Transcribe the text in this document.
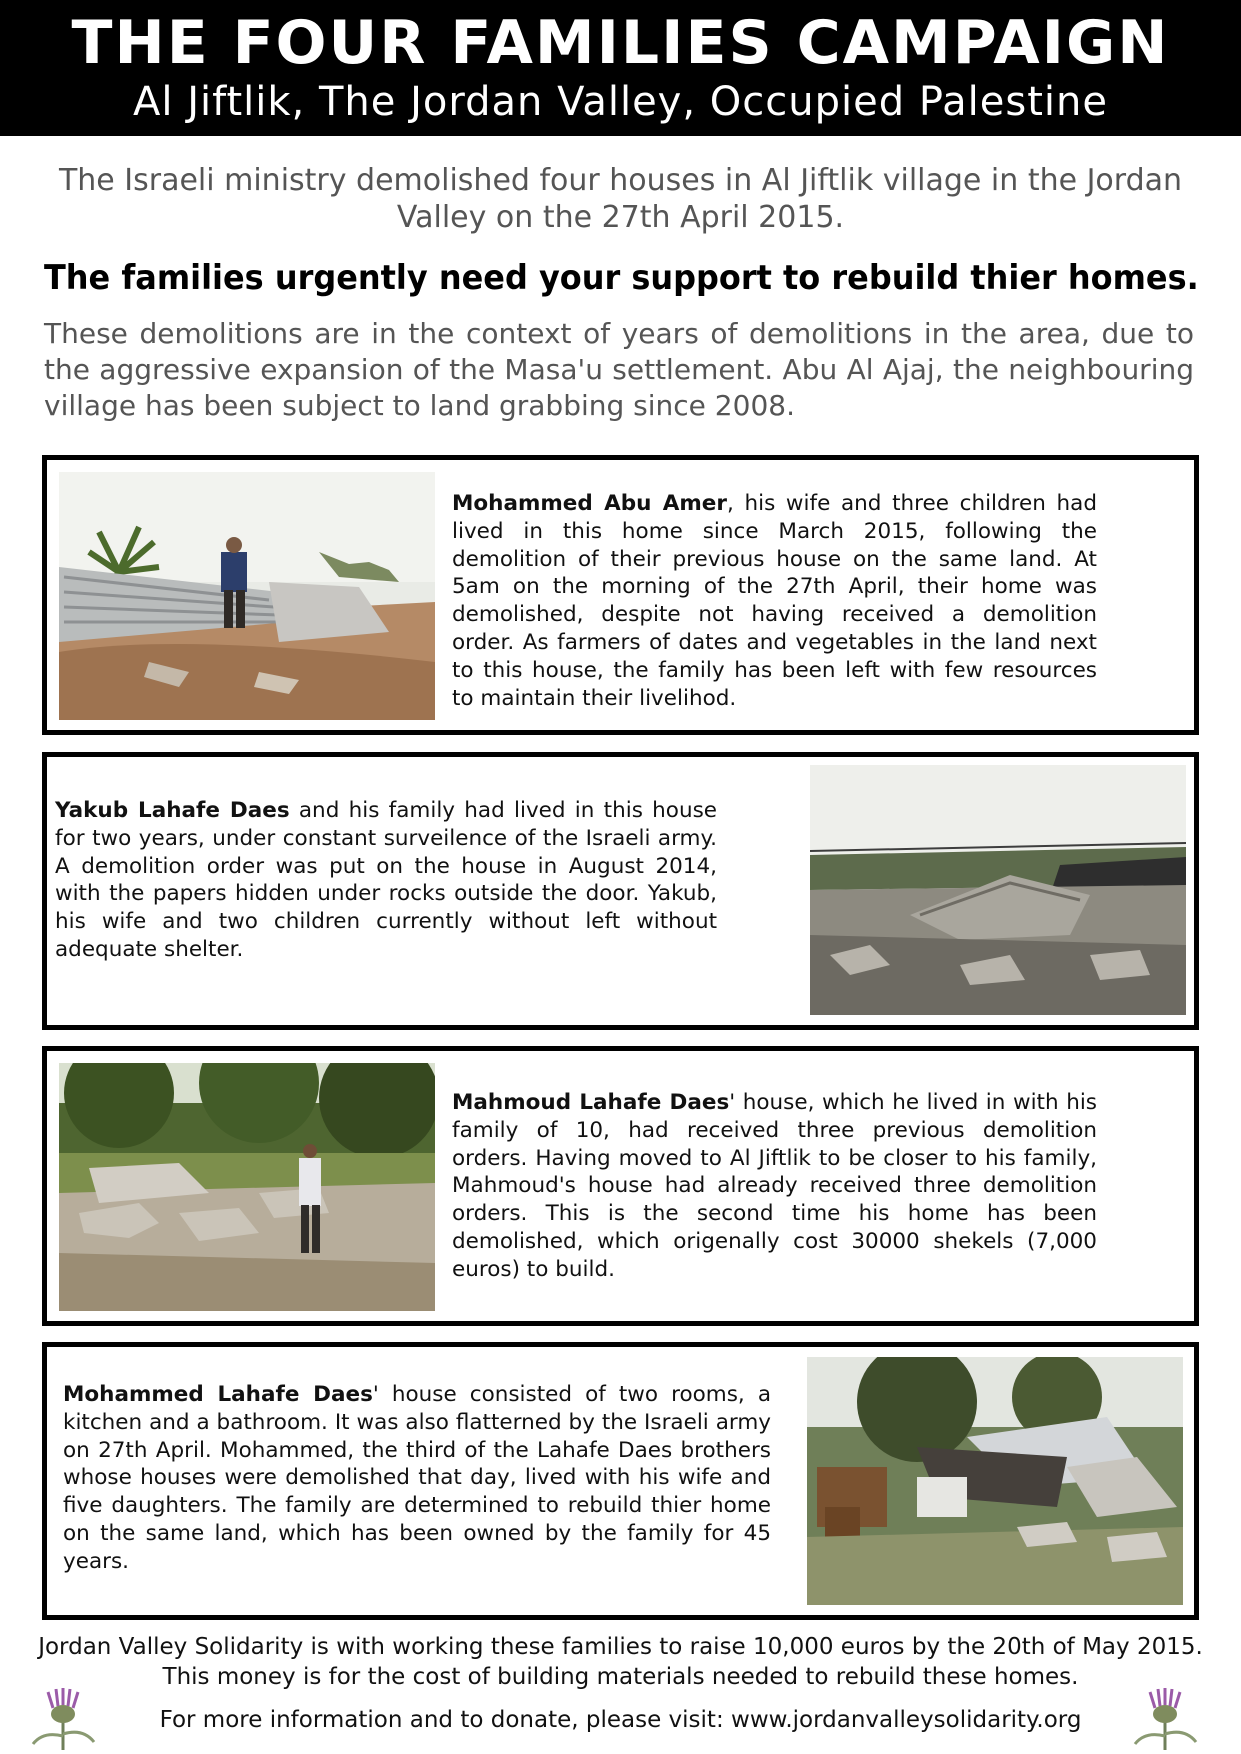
THE FOUR FAMILIES CAMPAIGN
Al Jiftlik, The Jordan Valley, Occupied Palestine
The Israeli ministry demolished four houses in Al Jiftlik village in the Jordan Valley on the 27th April 2015.
The families urgently need your support to rebuild thier homes.
These demolitions are in the context of years of demolitions in the area, due to the aggressive expansion of the Masa'u settlement. Abu Al Ajaj, the neighbouring village has been subject to land grabbing since 2008.
Mohammed Abu Amer, his wife and three children had lived in this home since March 2015, following the demolition of their previous house on the same land. At 5am on the morning of the 27th April, their home was demolished, despite not having received a demolition order. As farmers of dates and vegetables in the land next to this house, the family has been left with few resources to maintain their livelihod.
Yakub Lahafe Daes and his family had lived in this house for two years, under constant surveilence of the Israeli army. A demolition order was put on the house in August 2014, with the papers hidden under rocks outside the door. Yakub, his wife and two children currently without left without adequate shelter.
Mahmoud Lahafe Daes' house, which he lived in with his family of 10, had received three previous demolition orders. Having moved to Al Jiftlik to be closer to his family, Mahmoud's house had already received three demolition orders. This is the second time his home has been demolished, which origenally cost 30000 shekels (7,000 euros) to build.
Mohammed Lahafe Daes' house consisted of two rooms, a kitchen and a bathroom. It was also flatterned by the Israeli army on 27th April. Mohammed, the third of the Lahafe Daes brothers whose houses were demolished that day, lived with his wife and five daughters. The family are determined to rebuild thier home on the same land, which has been owned by the family for 45 years.
Jordan Valley Solidarity is with working these families to raise 10,000 euros by the 20th of May 2015. This money is for the cost of building materials needed to rebuild these homes.
For more information and to donate, please visit: www.jordanvalleysolidarity.org
